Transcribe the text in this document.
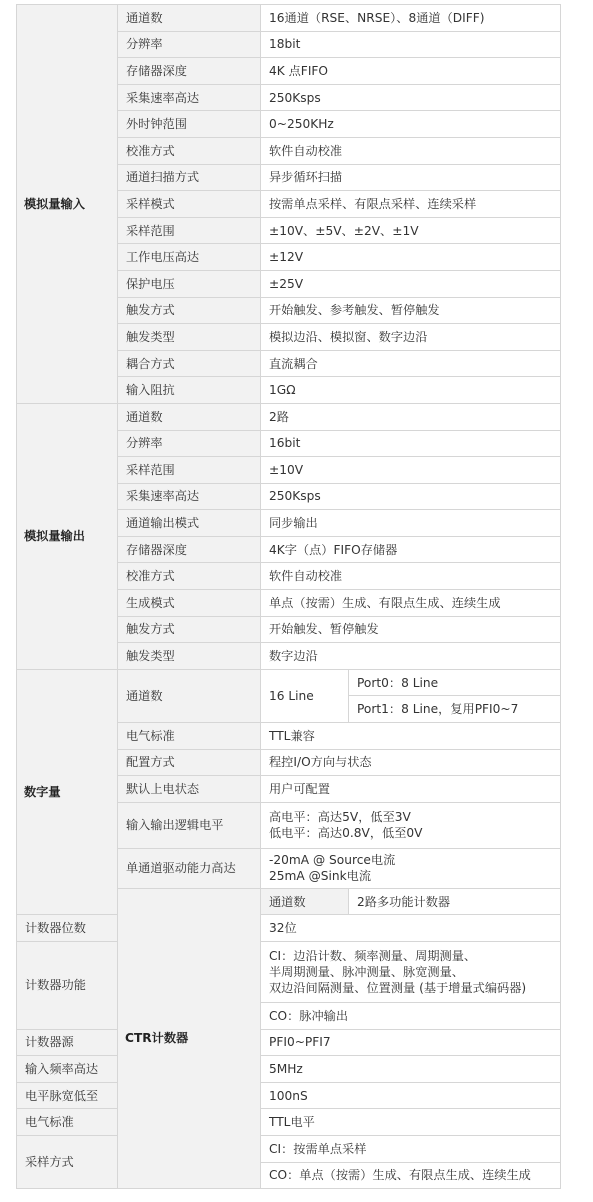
模拟量输入	通道数	16通道（RSE、NRSE）、8通道（DIFF)	
	分辨率	18bit	
	存储器深度	4K 点FIFO	
	采集速率高达	250Ksps	
	外时钟范围	0~250KHz	
	校准方式	软件自动校准	
	通道扫描方式	异步循环扫描	
	采样模式	按需单点采样、有限点采样、连续采样	
	采样范围	±10V、±5V、±2V、±1V	
	工作电压高达	±12V	
	保护电压	±25V	
	触发方式	开始触发、参考触发、暂停触发	
	触发类型	模拟边沿、模拟窗、数字边沿	
	耦合方式	直流耦合	
	输入阻抗	1GΩ	
模拟量输出	通道数	2路	
	分辨率	16bit	
	采样范围	±10V	
	采集速率高达	250Ksps	
	通道输出模式	同步输出	
	存储器深度	4K字（点）FIFO存储器	
	校准方式	软件自动校准	
	生成模式	单点（按需）生成、有限点生成、连续生成	
	触发方式	开始触发、暂停触发	
	触发类型	数字边沿	
数字量	通道数	16 Line	Port0：8 Line
			Port1：8 Line，复用PFI0~7
	电气标准	TTL兼容	
	配置方式	程控I/O方向与状态	
	默认上电状态	用户可配置	
	输入输出逻辑电平	高电平：高达5V，低至3V
低电平：高达0.8V，低至0V	

	单通道驱动能力高达	-20mA @ Source电流
25mA @Sink电流	

	CTR计数器	通道数	2路多功能计数器
计数器位数		32位	
计数器功能		CI：边沿计数、频率测量、周期测量、
半周期测量、脉冲测量、脉宽测量、
双边沿间隔测量、位置测量 (基于增量式编码器)	

		CO：脉冲输出	
计数器源		PFI0~PFI7	
输入频率高达		5MHz	
电平脉宽低至		100nS	
电气标准		TTL电平	
采样方式		CI：按需单点采样	
		CO：单点（按需）生成、有限点生成、连续生成	
